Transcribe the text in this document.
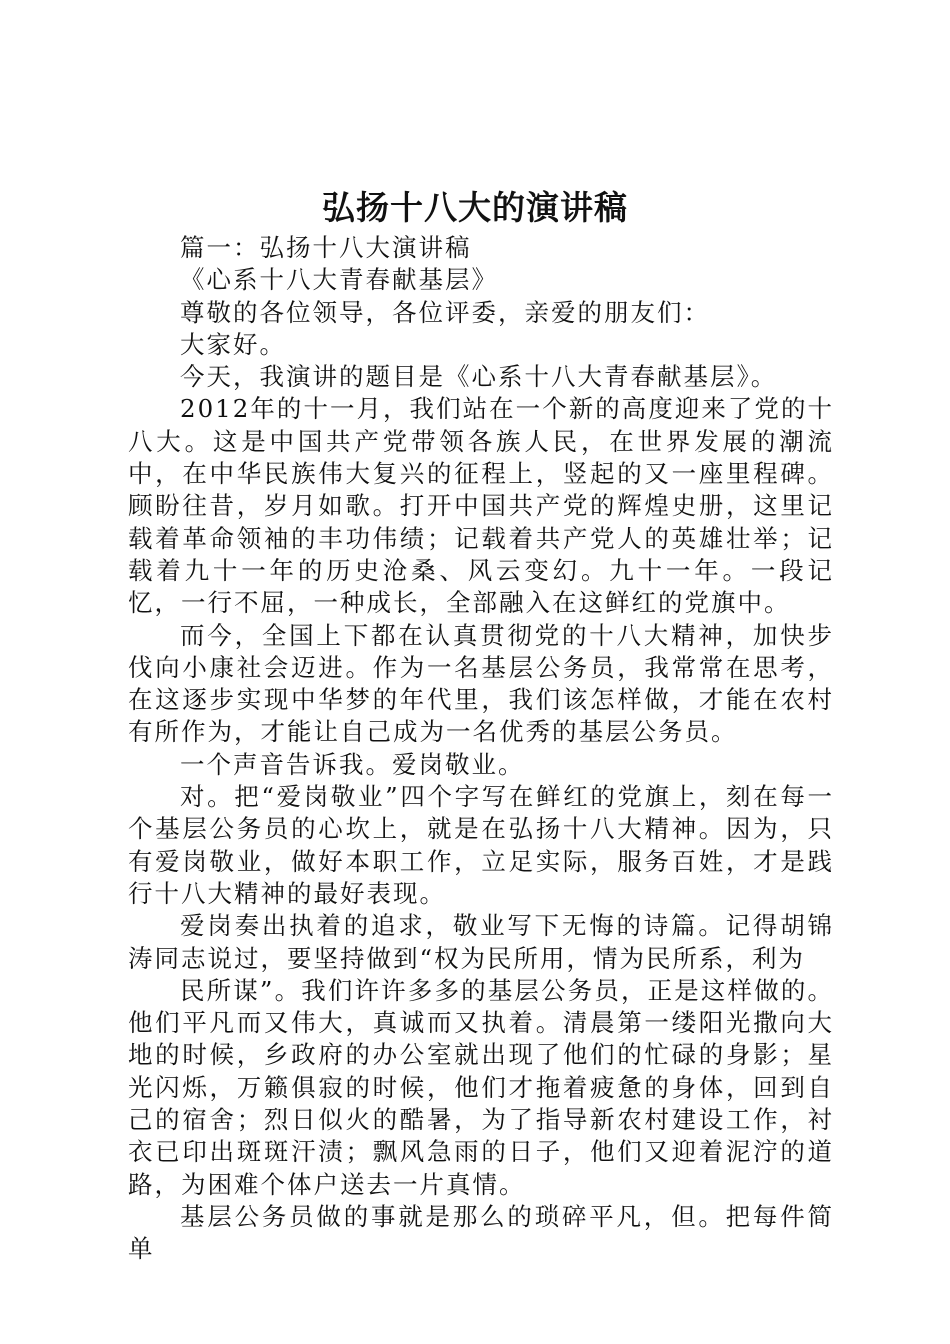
弘扬十八大的演讲稿

篇一：弘扬十八大演讲稿

《心系十八大青春献基层》

尊敬的各位领导，各位评委，亲爱的朋友们：

大家好。

今天，我演讲的题目是《心系十八大青春献基层》。

2012年的十一月，我们站在一个新的高度迎来了党的十八大。这是中国共产党带领各族人民，在世界发展的潮流中，在中华民族伟大复兴的征程上，竖起的又一座里程碑。顾盼往昔，岁月如歌。打开中国共产党的辉煌史册，这里记载着革命领袖的丰功伟绩；记载着共产党人的英雄壮举；记载着九十一年的历史沧桑、风云变幻。九十一年。一段记忆，一行不屈，一种成长，全部融入在这鲜红的党旗中。

而今，全国上下都在认真贯彻党的十八大精神，加快步伐向小康社会迈进。作为一名基层公务员，我常常在思考，在这逐步实现中华梦的年代里，我们该怎样做，才能在农村有所作为，才能让自己成为一名优秀的基层公务员。

一个声音告诉我。爱岗敬业。

对。把“爱岗敬业”四个字写在鲜红的党旗上，刻在每一个基层公务员的心坎上，就是在弘扬十八大精神。因为，只有爱岗敬业，做好本职工作，立足实际，服务百姓，才是践行十八大精神的最好表现。

爱岗奏出执着的追求，敬业写下无悔的诗篇。记得胡锦涛同志说过，要坚持做到“权为民所用，情为民所系，利为

民所谋”。我们许许多多的基层公务员，正是这样做的。他们平凡而又伟大，真诚而又执着。清晨第一缕阳光撒向大地的时候，乡政府的办公室就出现了他们的忙碌的身影；星光闪烁，万籁俱寂的时候，他们才拖着疲惫的身体，回到自己的宿舍；烈日似火的酷暑，为了指导新农村建设工作，衬衣已印出斑斑汗渍；飘风急雨的日子，他们又迎着泥泞的道路，为困难个体户送去一片真情。

基层公务员做的事就是那么的琐碎平凡，但。把每件简单
